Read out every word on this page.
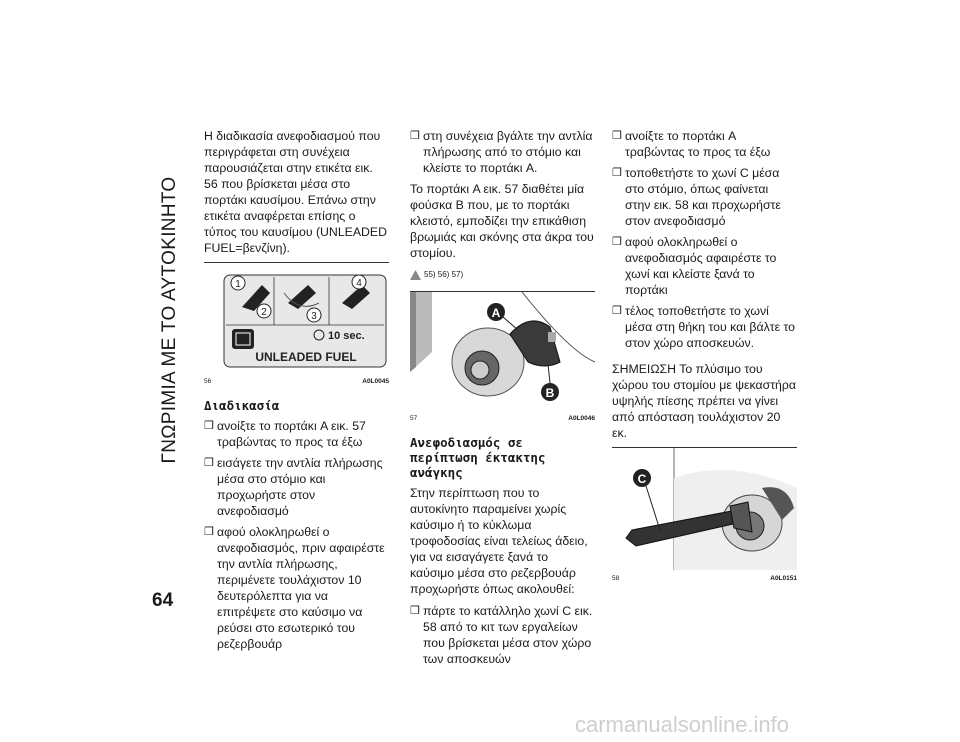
ΓΝΩΡΙΜΙΑ ΜΕ ΤΟ ΑΥΤΟΚΙΝΗΤΟ
64
carmanualsonline.info

Η διαδικασία ανεφοδιασμού που περιγράφεται στη συνέχεια παρουσιάζεται στην ετικέτα εικ. 56 που βρίσκεται μέσα στο πορτάκι καυσίμου. Επάνω στην ετικέτα αναφέρεται επίσης ο τύπος του καυσίμου (UNLEADED FUEL=βενζίνη).

1
2	3
4
10 sec.
UNLEADED FUEL
56	A0L0045
Διαδικασία
❒ ανοίξτε το πορτάκι A εικ. 57 τραβώντας το προς τα έξω
❒ εισάγετε την αντλία πλήρωσης μέσα στο στόμιο και προχωρήστε στον ανεφοδιασμό
❒ αφού ολοκληρωθεί ο ανεφοδιασμός, πριν αφαιρέστε την αντλία πλήρωσης, περιμένετε τουλάχιστον 10 δευτερόλεπτα για να επιτρέψετε στο καύσιμο να ρεύσει στο εσωτερικό του ρεζερβουάρ
❒ στη συνέχεια βγάλτε την αντλία πλήρωσης από το στόμιο και κλείστε το πορτάκι A.

Το πορτάκι A εικ. 57 διαθέτει μία φούσκα B που, με το πορτάκι κλειστό, εμποδίζει την επικάθιση βρωμιάς και σκόνης στα άκρα του στομίου.

55) 56) 57)
A
B
57	A0L0046
Ανεφοδιασμός σε περίπτωση έκτακτης ανάγκης

Στην περίπτωση που το αυτοκίνητο παραμείνει χωρίς καύσιμο ή το κύκλωμα τροφοδοσίας είναι τελείως άδειο, για να εισαγάγετε ξανά το καύσιμο μέσα στο ρεζερβουάρ προχωρήστε όπως ακολουθεί:

❒ πάρτε το κατάλληλο χωνί C εικ. 58 από το κιτ των εργαλείων που βρίσκεται μέσα στον χώρο των αποσκευών
❒ ανοίξτε το πορτάκι A τραβώντας το προς τα έξω
❒ τοποθετήστε το χωνί C μέσα στο στόμιο, όπως φαίνεται στην εικ. 58 και προχωρήστε στον ανεφοδιασμό
❒ αφού ολοκληρωθεί ο ανεφοδιασμός αφαιρέστε το χωνί και κλείστε ξανά το πορτάκι
❒ τέλος τοποθετήστε το χωνί μέσα στη θήκη του και βάλτε το στον χώρο αποσκευών.

ΣΗΜΕΙΩΣΗ Το πλύσιμο του χώρου του στομίου με ψεκαστήρα υψηλής πίεσης πρέπει να γίνει από απόσταση τουλάχιστον 20 εκ.

C
58	A0L0151
